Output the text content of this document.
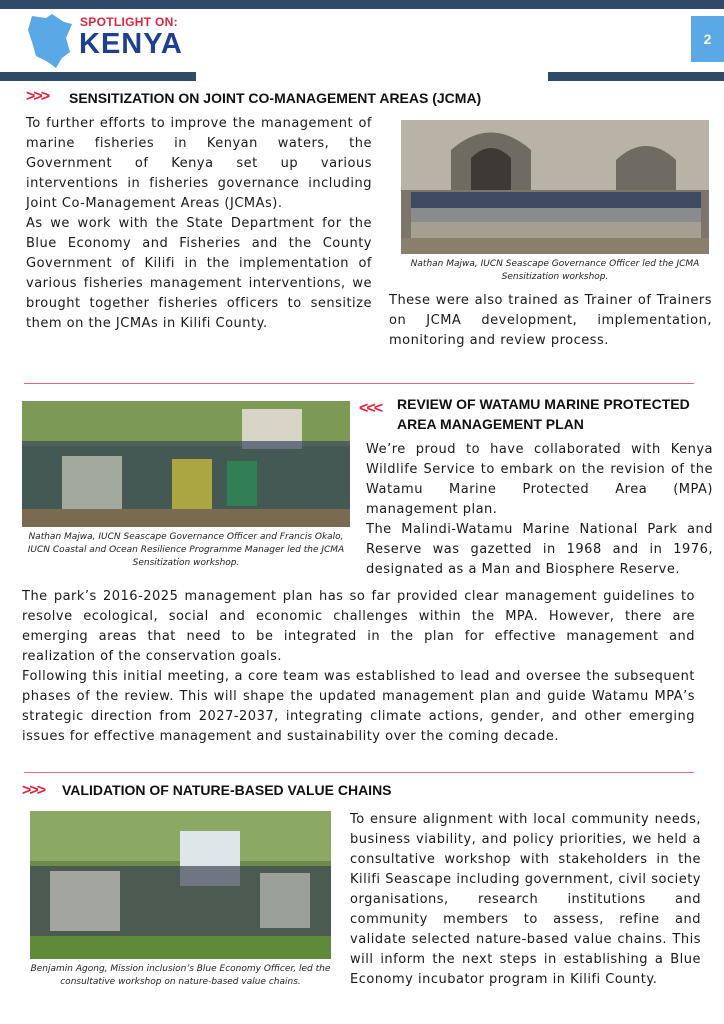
SPOTLIGHT ON:
KENYA	2
>>> SENSITIZATION ON JOINT CO-MANAGEMENT AREAS (JCMA)

To further efforts to improve the management of marine fisheries in Kenyan waters, the Government of Kenya set up various interventions in fisheries governance including Joint Co-Management Areas (JCMAs).

As we work with the State Department for the Blue Economy and Fisheries and the County Government of Kilifi in the implementation of various fisheries management interventions, we brought together fisheries officers to sensitize them on the JCMAs in Kilifi County.

Nathan Majwa, IUCN Seascape Governance Officer led the JCMA Sensitization workshop.
These were also trained as Trainer of Trainers on JCMA development, implementation, monitoring and review process.
Nathan Majwa, IUCN Seascape Governance Officer and Francis Okalo, IUCN Coastal and Ocean Resilience Programme Manager led the JCMA Sensitization workshop.
<<< REVIEW OF WATAMU MARINE PROTECTED
AREA MANAGEMENT PLAN

We’re proud to have collaborated with Kenya Wildlife Service to embark on the revision of the Watamu Marine Protected Area (MPA) management plan.

The Malindi-Watamu Marine National Park and Reserve was gazetted in 1968 and in 1976, designated as a Man and Biosphere Reserve.

The park’s 2016-2025 management plan has so far provided clear management guidelines to resolve ecological, social and economic challenges within the MPA. However, there are emerging areas that need to be integrated in the plan for effective management and realization of the conservation goals.

Following this initial meeting, a core team was established to lead and oversee the subsequent phases of the review. This will shape the updated management plan and guide Watamu MPA’s strategic direction from 2027-2037, integrating climate actions, gender, and other emerging issues for effective management and sustainability over the coming decade.

>>> VALIDATION OF NATURE-BASED VALUE CHAINS
Benjamin Agong, Mission inclusion’s Blue Economy Officer, led the consultative workshop on nature-based value chains.
To ensure alignment with local community needs, business viability, and policy priorities, we held a consultative workshop with stakeholders in the Kilifi Seascape including government, civil society organisations, research institutions and community members to assess, refine and validate selected nature-based value chains. This will inform the next steps in establishing a Blue Economy incubator program in Kilifi County.
